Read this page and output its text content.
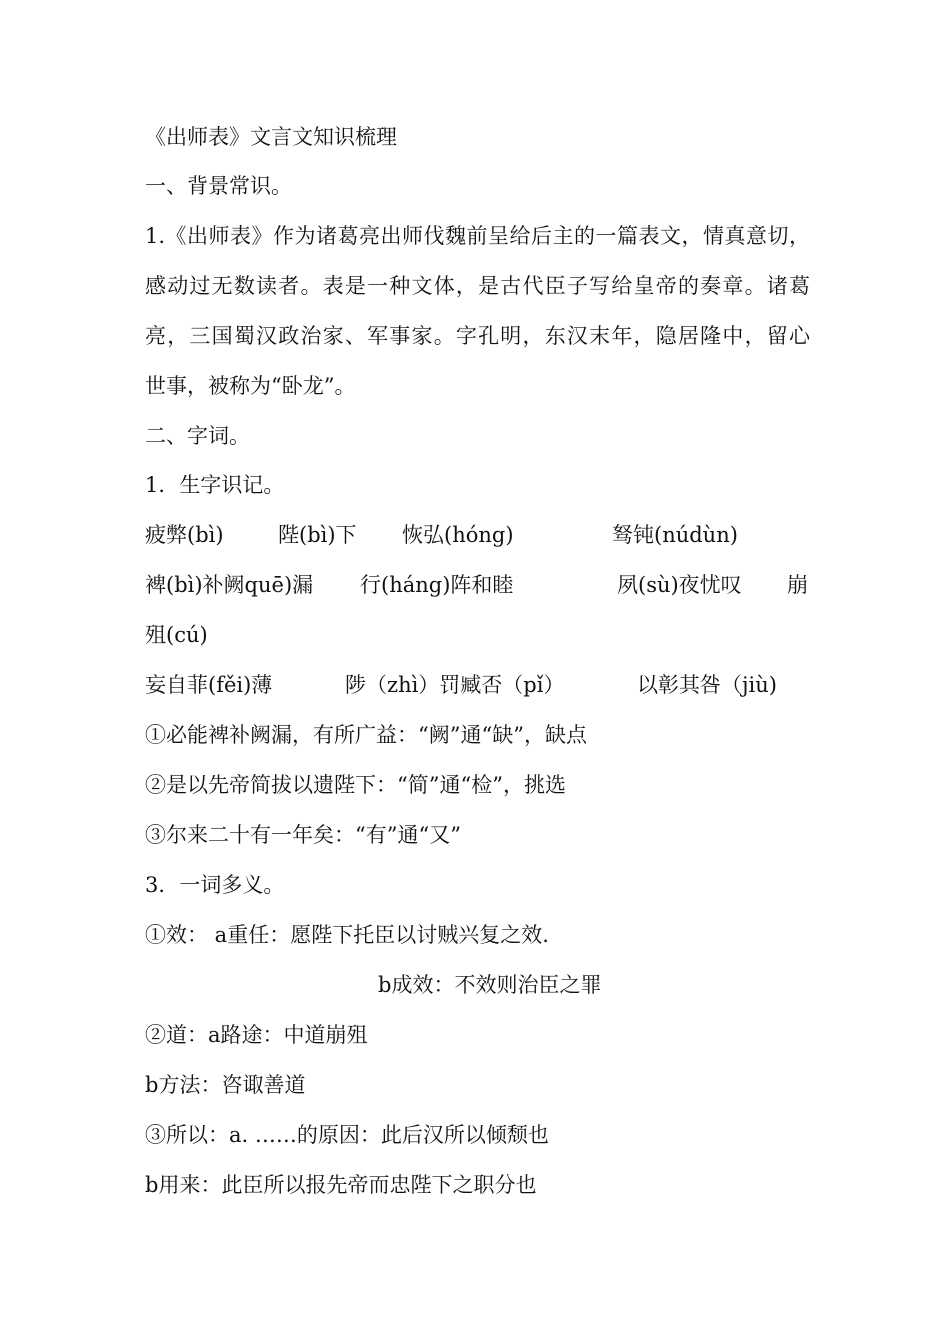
《出师表》文言文知识梳理
一、背景常识。
1.《出师表》作为诸葛亮出师伐魏前呈给后主的一篇表文，情真意切，
感动过无数读者。表是一种文体，是古代臣子写给皇帝的奏章。诸葛
亮，三国蜀汉政治家、军事家。字孔明，东汉末年，隐居隆中，留心
世事，被称为“卧龙”。
二、字词。
1．生字识记。
疲弊(bì)	陛(bì)下 恢弘(hóng)	驽钝(núdùn)
裨(bì)补阙quē)漏 行(háng)阵和睦	夙(sù)夜忧叹 崩
殂(cú)
妄自菲(fěi)薄	陟（zhì）罚臧否（pǐ）	以彰其咎（jiù)
①必能裨补阙漏，有所广益：“阙”通“缺”，缺点
②是以先帝简拔以遗陛下：“简”通“检”，挑选
③尔来二十有一年矣：“有”通“又”
3．一词多义。
①效： a重任：愿陛下托臣以讨贼兴复之效.
b成效：不效则治臣之罪
②道：a路途：中道崩殂
b方法：咨诹善道
③所以：a. ……的原因：此后汉所以倾颓也
b用来：此臣所以报先帝而忠陛下之职分也
